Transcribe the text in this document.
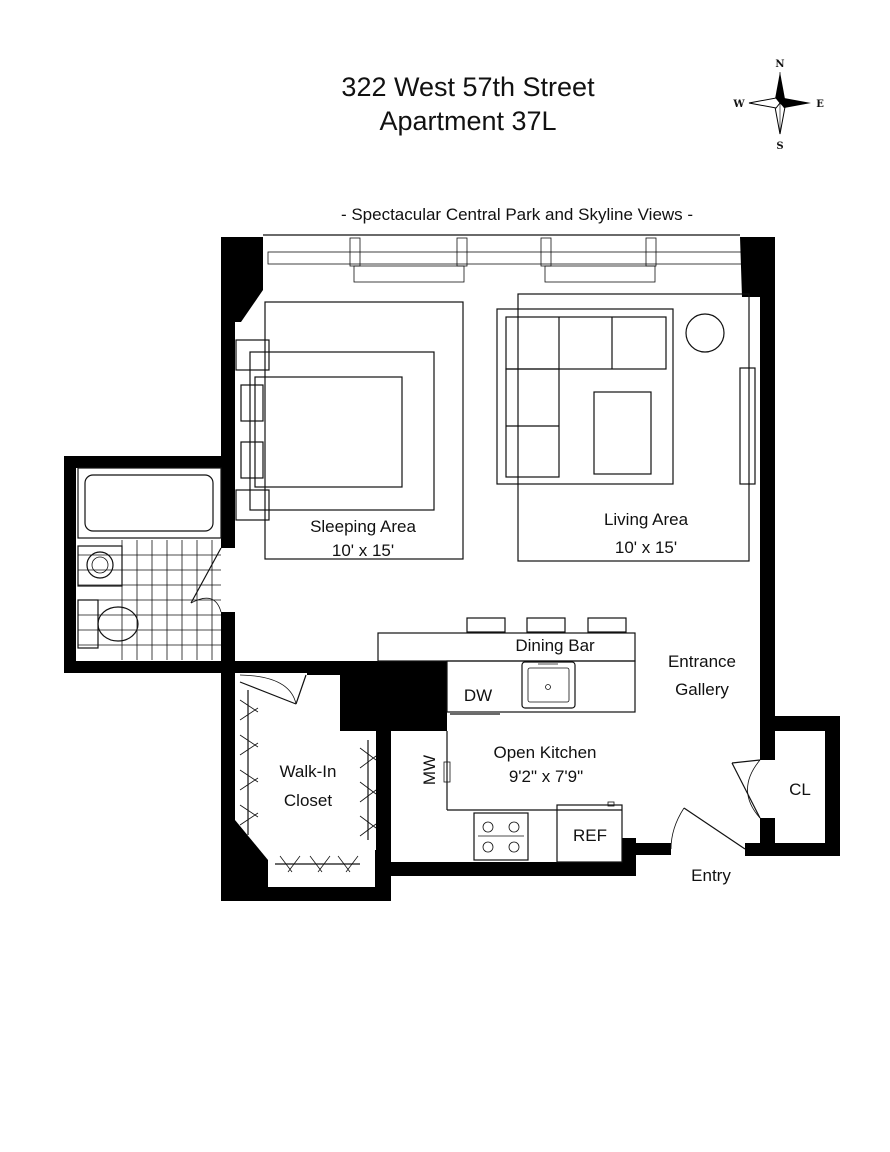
322 West 57th Street
Apartment 37L
N
S
E
W
- Spectacular Central Park and Skyline Views -
Sleeping Area
10' x 15'
Living Area
10' x 15'
Dining Bar
Open Kitchen
9'2" x 7'9"
DW
REF
MW
Walk-In
Closet
Entrance
Gallery
Entry
CL
